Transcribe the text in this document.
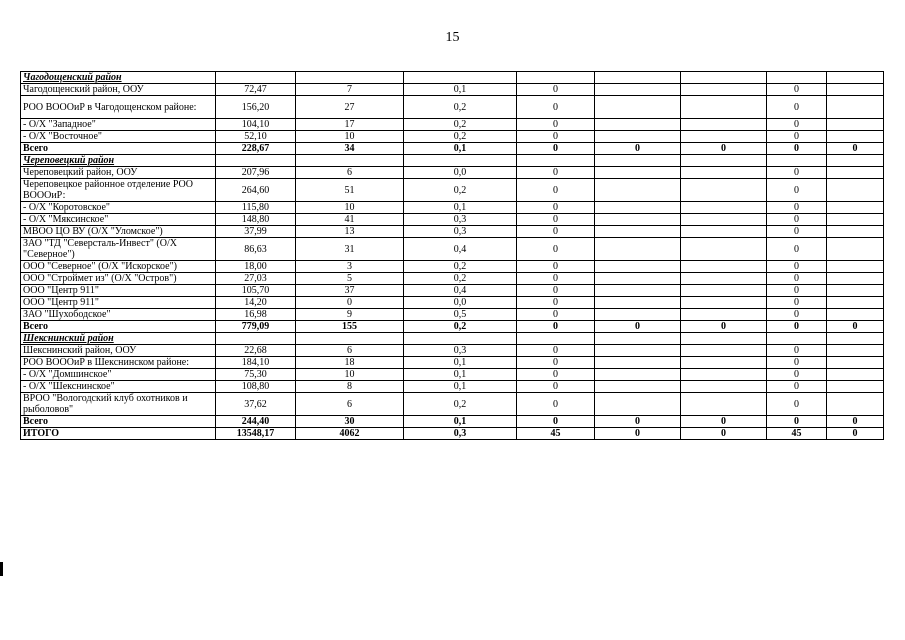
15
Чагодощенский район								
Чагодощенский район, ООУ	72,47	7	0,1	0			0	
РОО ВОООиР в Чагодощенском районе:	156,20	27	0,2	0			0	
- О/Х "Западное"	104,10	17	0,2	0			0	
- О/Х "Восточное"	52,10	10	0,2	0			0	
Всего	228,67	34	0,1	0	0	0	0	0
Череповецкий район								
Череповецкий район, ООУ	207,96	6	0,0	0			0	
Череповецкое районное отделение РОО ВОООиР:	264,60	51	0,2	0			0	
- О/Х "Коротовское"	115,80	10	0,1	0			0	
- О/Х "Мяксинское"	148,80	41	0,3	0			0	
МВОО ЦО ВУ (О/Х "Уломское")	37,99	13	0,3	0			0	
ЗАО "ТД "Северсталь-Инвест" (О/Х "Северное")	86,63	31	0,4	0			0	
ООО "Северное" (О/Х "Искорское")	18,00	3	0,2	0			0	
ООО "Строймет из" (О/Х "Остров")	27,03	5	0,2	0			0	
ООО "Центр 911"	105,70	37	0,4	0			0	
ООО "Центр 911"	14,20	0	0,0	0			0	
ЗАО "Шухободское"	16,98	9	0,5	0			0	
Всего	779,09	155	0,2	0	0	0	0	0
Шекснинский район								
Шекснинский район, ООУ	22,68	6	0,3	0			0	
РОО ВОООиР в Шекснинском районе:	184,10	18	0,1	0			0	
- О/Х "Домшинское"	75,30	10	0,1	0			0	
- О/Х "Шекснинское"	108,80	8	0,1	0			0	
ВРОО "Вологодский клуб охотников и рыболовов"	37,62	6	0,2	0			0	
Всего	244,40	30	0,1	0	0	0	0	0
ИТОГО	13548,17	4062	0,3	45	0	0	45	0
